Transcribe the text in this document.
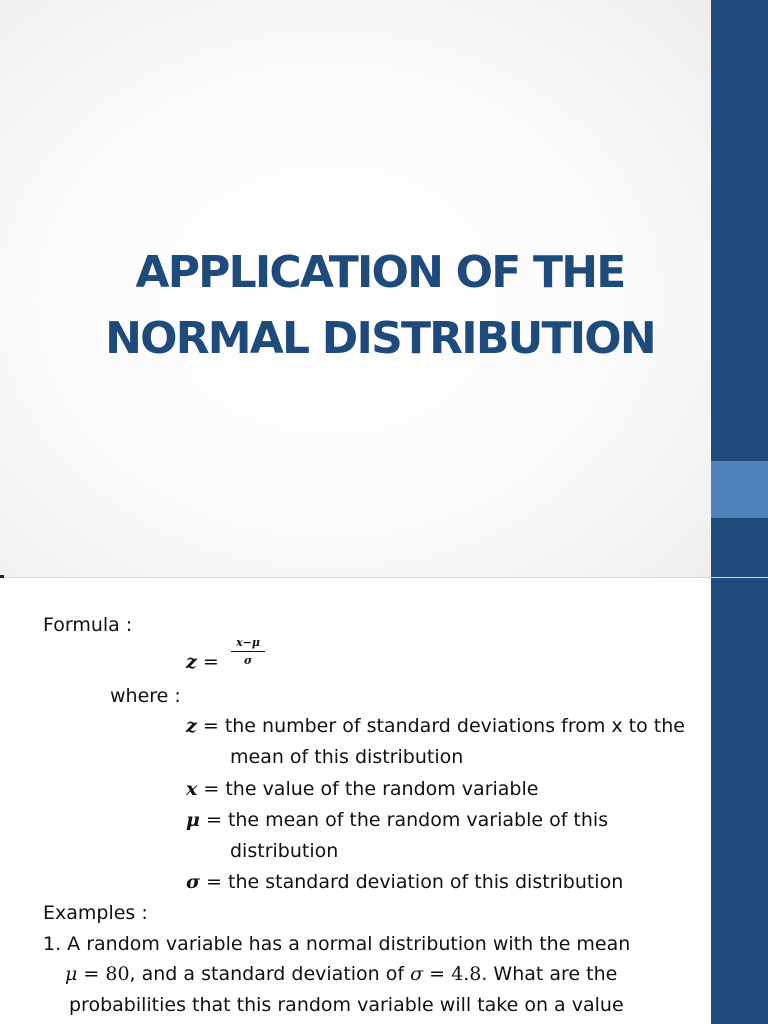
APPLICATION OF THE
NORMAL DISTRIBUTION
Formula :
z =
x−μ
σ
where :
z = the number of standard deviations from x to the
mean of this distribution
x = the value of the random variable
μ = the mean of the random variable of this
distribution
σ = the standard deviation of this distribution
Examples :
1. A random variable has a normal distribution with the mean
μ = 80, and a standard deviation of σ = 4.8. What are the
probabilities that this random variable will take on a value
